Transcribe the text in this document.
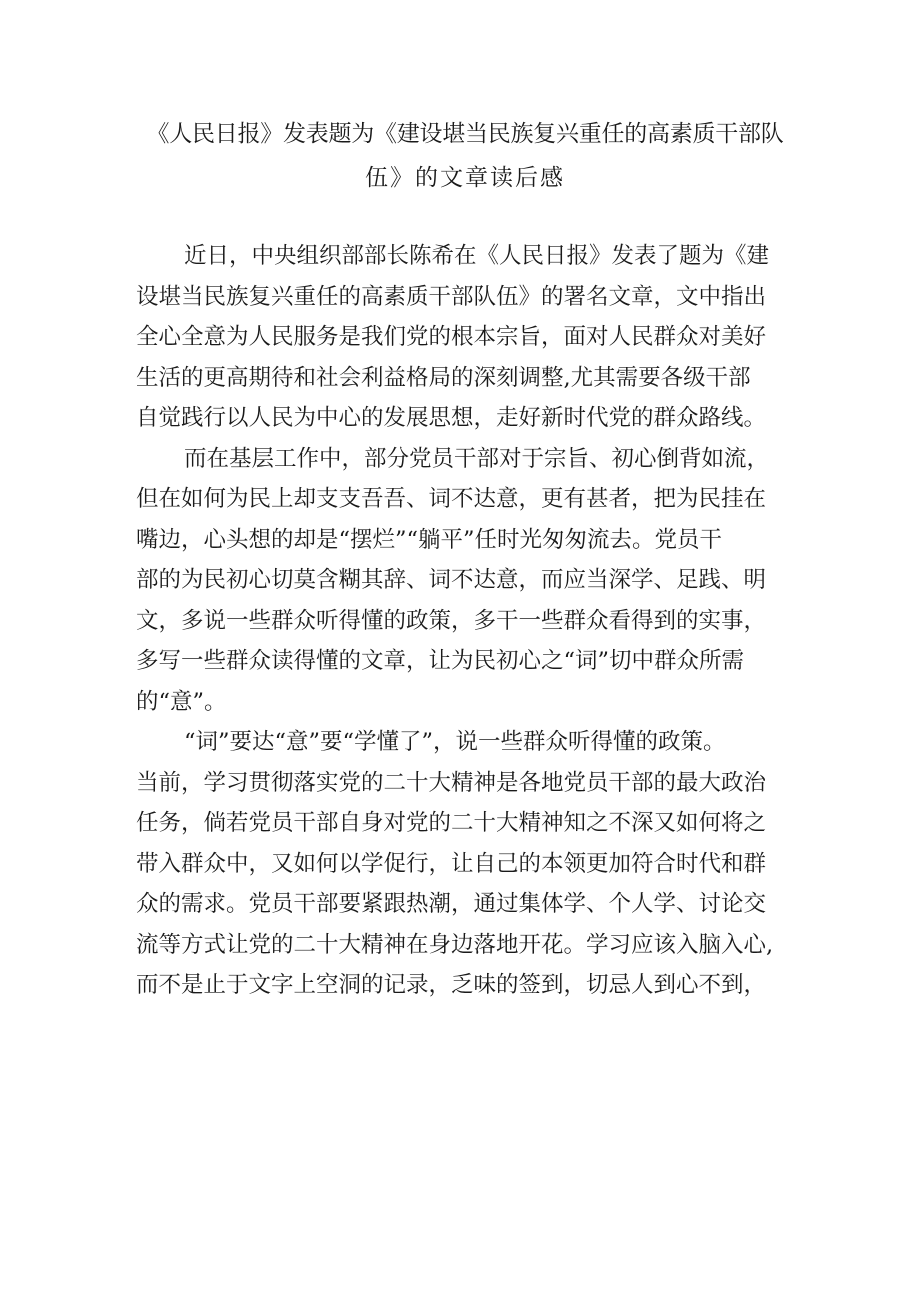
《人民日报》发表题为《建设堪当民族复兴重任的高素质干部队
伍》的文章读后感
近日，中央组织部部长陈希在《人民日报》发表了题为《建
设堪当民族复兴重任的高素质干部队伍》的署名文章，文中指出
全心全意为人民服务是我们党的根本宗旨，面对人民群众对美好
生活的更高期待和社会利益格局的深刻调整,尤其需要各级干部
自觉践行以人民为中心的发展思想，走好新时代党的群众路线。
而在基层工作中，部分党员干部对于宗旨、初心倒背如流，
但在如何为民上却支支吾吾、词不达意，更有甚者，把为民挂在
嘴边，心头想的却是“摆烂”“躺平”任时光匆匆流去。党员干
部的为民初心切莫含糊其辞、词不达意，而应当深学、足践、明
文，多说一些群众听得懂的政策，多干一些群众看得到的实事，
多写一些群众读得懂的文章，让为民初心之“词”切中群众所需
的“意”。
“词”要达“意”要“学懂了”，说一些群众听得懂的政策。
当前，学习贯彻落实党的二十大精神是各地党员干部的最大政治
任务，倘若党员干部自身对党的二十大精神知之不深又如何将之
带入群众中，又如何以学促行，让自己的本领更加符合时代和群
众的需求。党员干部要紧跟热潮，通过集体学、个人学、讨论交
流等方式让党的二十大精神在身边落地开花。学习应该入脑入心,
而不是止于文字上空洞的记录，乏味的签到，切忌人到心不到，
